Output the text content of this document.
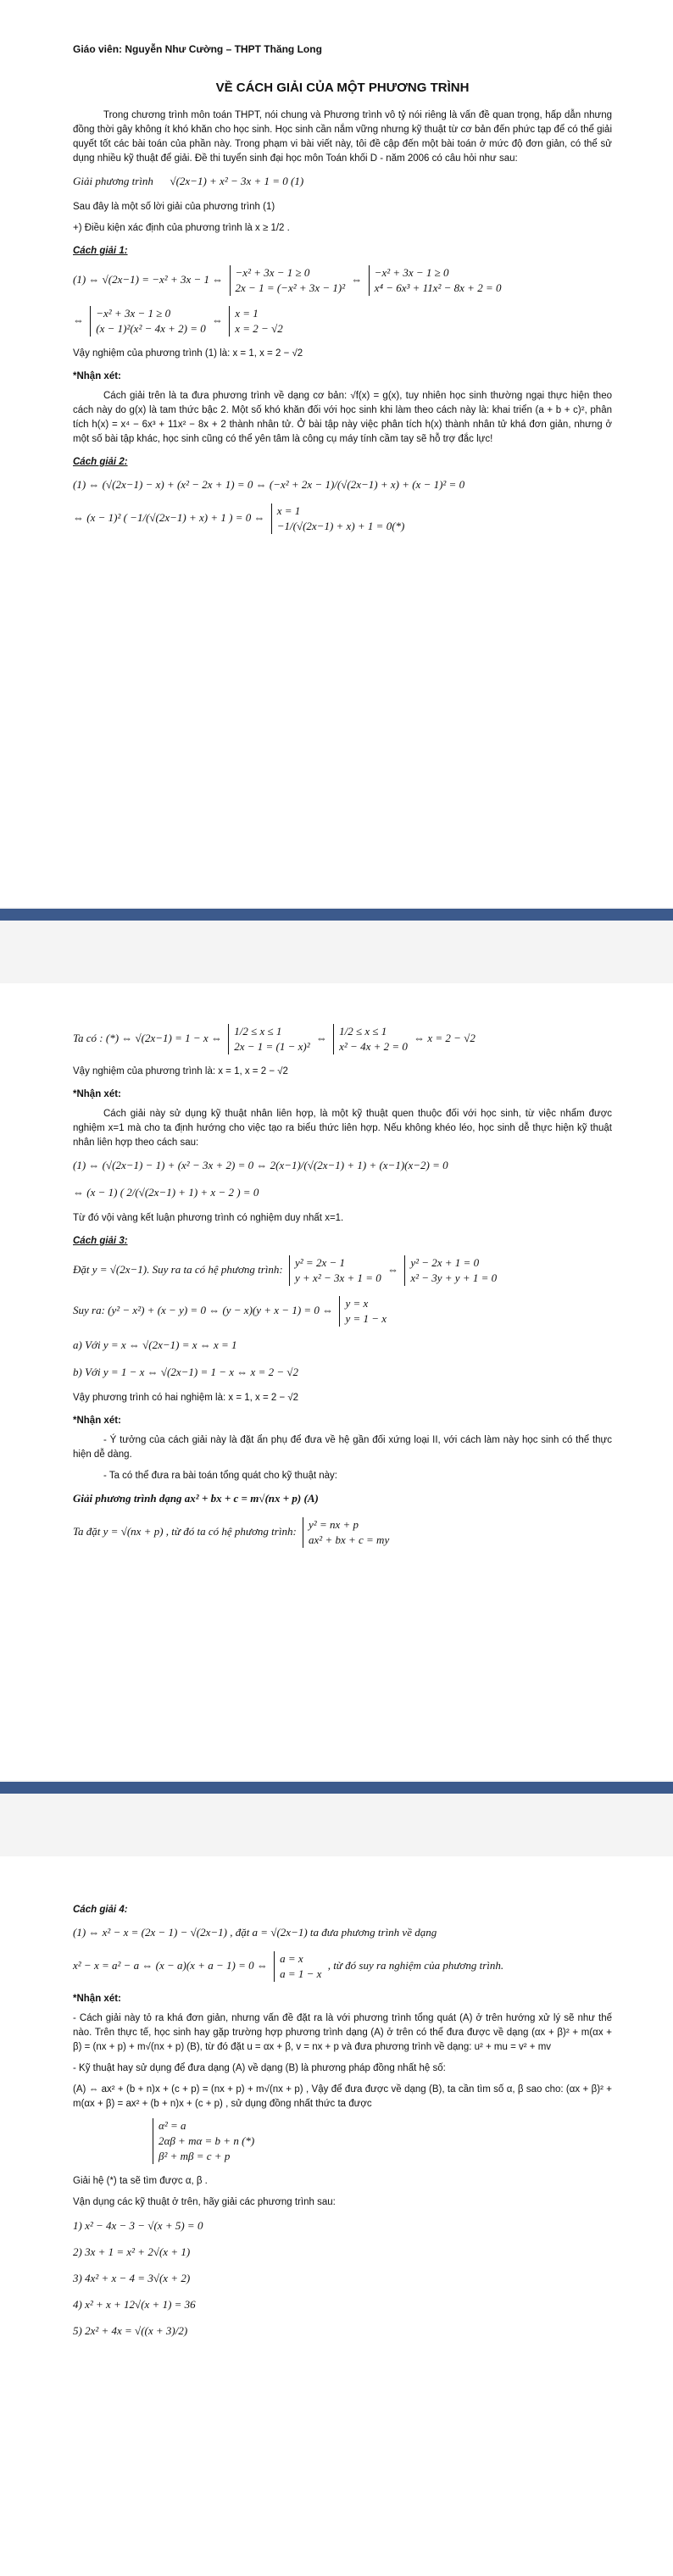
Giáo viên: Nguyễn Như Cường – THPT Thăng Long
VỀ CÁCH GIẢI CỦA MỘT PHƯƠNG TRÌNH

Trong chương trình môn toán THPT, nói chung và Phương trình vô tỷ nói riêng là vấn đề quan trọng, hấp dẫn nhưng đồng thời gây không ít khó khăn cho học sinh. Học sinh cần nắm vững nhưng kỹ thuật từ cơ bản đến phức tạp để có thể giải quyết tốt các bài toán của phần này. Trong phạm vi bài viết này, tôi đề cập đến một bài toán ở mức độ đơn giản, có thể sử dụng nhiều kỹ thuật để giải. Đề thi tuyển sinh đại học môn Toán khối D - năm 2006 có câu hỏi như sau:

Giải phương trình √(2x−1) + x² − 3x + 1 = 0 (1)

Sau đây là một số lời giải của phương trình (1)

+) Điều kiện xác định của phương trình là x ≥ 1/2 .

Cách giải 1:
(1) ⇔ √(2x−1) = −x² + 3x − 1 ⇔ −x² + 3x − 1 ≥ 0
2x − 1 = (−x² + 3x − 1)² ⇔ −x² + 3x − 1 ≥ 0
x⁴ − 6x³ + 11x² − 8x + 2 = 0
⇔ −x² + 3x − 1 ≥ 0
(x − 1)²(x² − 4x + 2) = 0 ⇔ x = 1
x = 2 − √2

Vậy nghiệm của phương trình (1) là: x = 1, x = 2 − √2

*Nhận xét:

Cách giải trên là ta đưa phương trình về dạng cơ bản: √f(x) = g(x), tuy nhiên học sinh thường ngại thực hiện theo cách này do g(x) là tam thức bậc 2. Một số khó khăn đối với học sinh khi làm theo cách này là: khai triển (a + b + c)², phân tích h(x) = x⁴ − 6x³ + 11x² − 8x + 2 thành nhân tử. Ở bài tập này việc phân tích h(x) thành nhân tử khá đơn giản, nhưng ở một số bài tập khác, học sinh cũng có thể yên tâm là công cụ máy tính cầm tay sẽ hỗ trợ đắc lực!

Cách giải 2:
(1) ⇔ (√(2x−1) − x) + (x² − 2x + 1) = 0 ⇔ (−x² + 2x − 1)/(√(2x−1) + x) + (x − 1)² = 0
⇔ (x − 1)² ( −1/(√(2x−1) + x) + 1 ) = 0 ⇔ x = 1
−1/(√(2x−1) + x) + 1 = 0(*)
Ta có : (*) ⇔ √(2x−1) = 1 − x ⇔ 1/2 ≤ x ≤ 1
2x − 1 = (1 − x)² ⇔ 1/2 ≤ x ≤ 1
x² − 4x + 2 = 0 ⇔ x = 2 − √2

Vậy nghiệm của phương trình là: x = 1, x = 2 − √2

*Nhận xét:

Cách giải này sử dụng kỹ thuật nhân liên hợp, là một kỹ thuật quen thuộc đối với học sinh, từ việc nhẩm được nghiệm x=1 mà cho ta định hướng cho việc tạo ra biểu thức liên hợp. Nếu không khéo léo, học sinh dễ thực hiện kỹ thuật nhân liên hợp theo cách sau:

(1) ⇔ (√(2x−1) − 1) + (x² − 3x + 2) = 0 ⇔ 2(x−1)/(√(2x−1) + 1) + (x−1)(x−2) = 0
⇔ (x − 1) ( 2/(√(2x−1) + 1) + x − 2 ) = 0

Từ đó vội vàng kết luận phương trình có nghiệm duy nhất x=1.

Cách giải 3:
Đặt y = √(2x−1). Suy ra ta có hệ phương trình: y² = 2x − 1
y + x² − 3x + 1 = 0 ⇔ y² − 2x + 1 = 0
x² − 3y + y + 1 = 0
Suy ra: (y² − x²) + (x − y) = 0 ⇔ (y − x)(y + x − 1) = 0 ⇔ y = x
y = 1 − x
a) Với y = x ⇔ √(2x−1) = x ⇔ x = 1
b) Với y = 1 − x ⇔ √(2x−1) = 1 − x ⇔ x = 2 − √2

Vậy phương trình có hai nghiệm là: x = 1, x = 2 − √2

*Nhận xét:

- Ý tưởng của cách giải này là đặt ẩn phụ để đưa về hệ gần đối xứng loại II, với cách làm này học sinh có thể thực hiện dễ dàng.

- Ta có thể đưa ra bài toán tổng quát cho kỹ thuật này:

Giải phương trình dạng ax² + bx + c = m√(nx + p) (A)
Ta đặt y = √(nx + p) , từ đó ta có hệ phương trình: y² = nx + p
ax² + bx + c = my
Cách giải 4:
(1) ⇔ x² − x = (2x − 1) − √(2x−1) , đặt a = √(2x−1) ta đưa phương trình về dạng
x² − x = a² − a ⇔ (x − a)(x + a − 1) = 0 ⇔ a = x
a = 1 − x , từ đó suy ra nghiệm của phương trình.
*Nhận xét:

- Cách giải này tỏ ra khá đơn giản, nhưng vấn đề đặt ra là với phương trình tổng quát (A) ở trên hướng xử lý sẽ như thế nào. Trên thực tế, học sinh hay gặp trường hợp phương trình dạng (A) ở trên có thể đưa được về dạng (αx + β)² + m(αx + β) = (nx + p) + m√(nx + p) (B), từ đó đặt u = αx + β, v = nx + p và đưa phương trình về dạng: u² + mu = v² + mv

- Kỹ thuật hay sử dụng để đưa dạng (A) về dạng (B) là phương pháp đồng nhất hệ số:

(A) ⇔ ax² + (b + n)x + (c + p) = (nx + p) + m√(nx + p) , Vậy để đưa được về dạng (B), ta cần tìm số α, β sao cho: (αx + β)² + m(αx + β) = ax² + (b + n)x + (c + p) , sử dụng đồng nhất thức ta được

α² = a
2αβ + mα = b + n (*)
β² + mβ = c + p

Giải hệ (*) ta sẽ tìm được α, β .

Vận dụng các kỹ thuật ở trên, hãy giải các phương trình sau:

1) x² − 4x − 3 − √(x + 5) = 0
2) 3x + 1 = x² + 2√(x + 1)
3) 4x² + x − 4 = 3√(x + 2)
4) x² + x + 12√(x + 1) = 36
5) 2x² + 4x = √((x + 3)/2)
